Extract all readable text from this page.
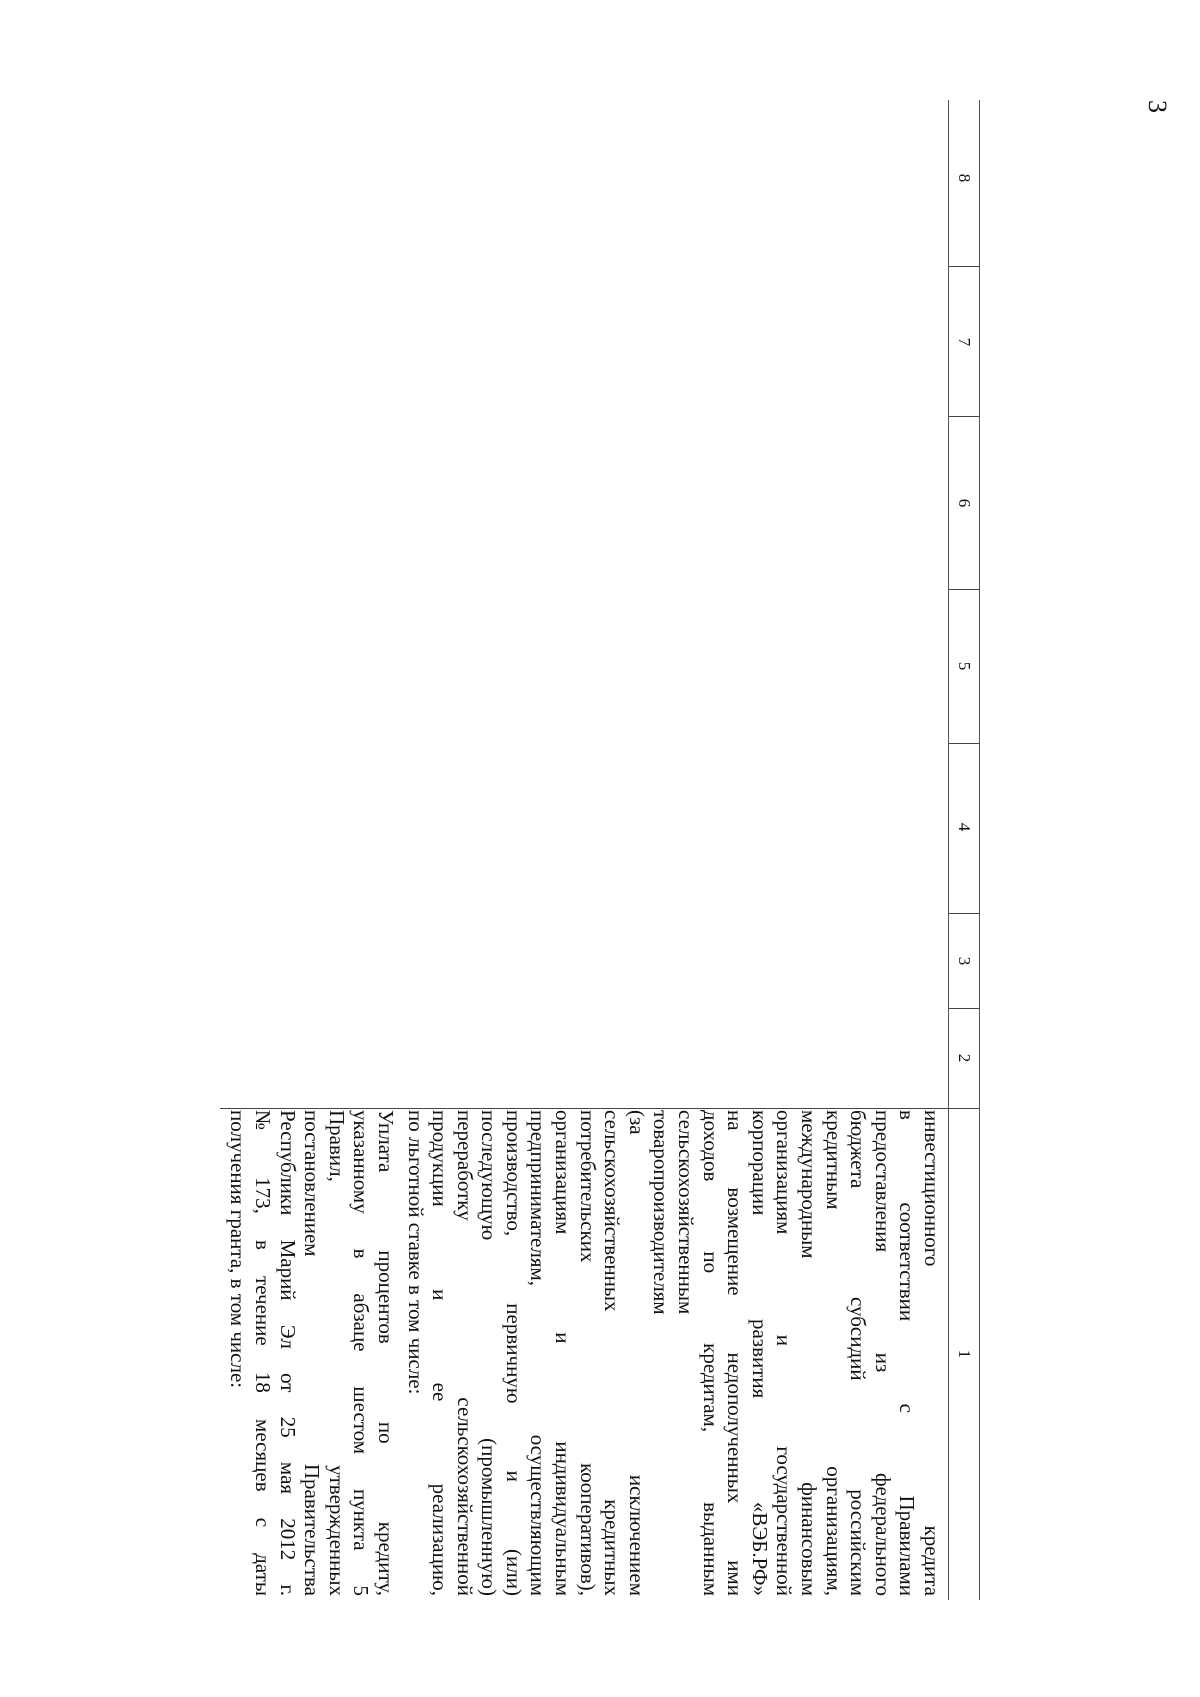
3
8
7
6
5
4
3
2
1
инвестиционного кредита
в соответствии с Правилами
предоставления из федерального
бюджета субсидий российским
кредитным организациям,
международным финансовым
организациям и государственной
корпорации развития «ВЭБ.РФ»
на возмещение недополученных ими
доходов по кредитам, выданным
сельскохозяйственным
товаропроизводителям
(за исключением
сельскохозяйственных кредитных
потребительских кооперативов),
организациям и индивидуальным
предпринимателям, осуществляющим
производство, первичную и (или)
последующую (промышленную)
переработку сельскохозяйственной
продукции и ее реализацию,
по льготной ставке в том числе:
Уплата процентов по кредиту,
указанному в абзаце шестом пункта 5
Правил, утвержденных
постановлением Правительства
Республики Марий Эл от 25 мая 2012 г.
№ 173, в течение 18 месяцев с даты
получения гранта, в том числе:
